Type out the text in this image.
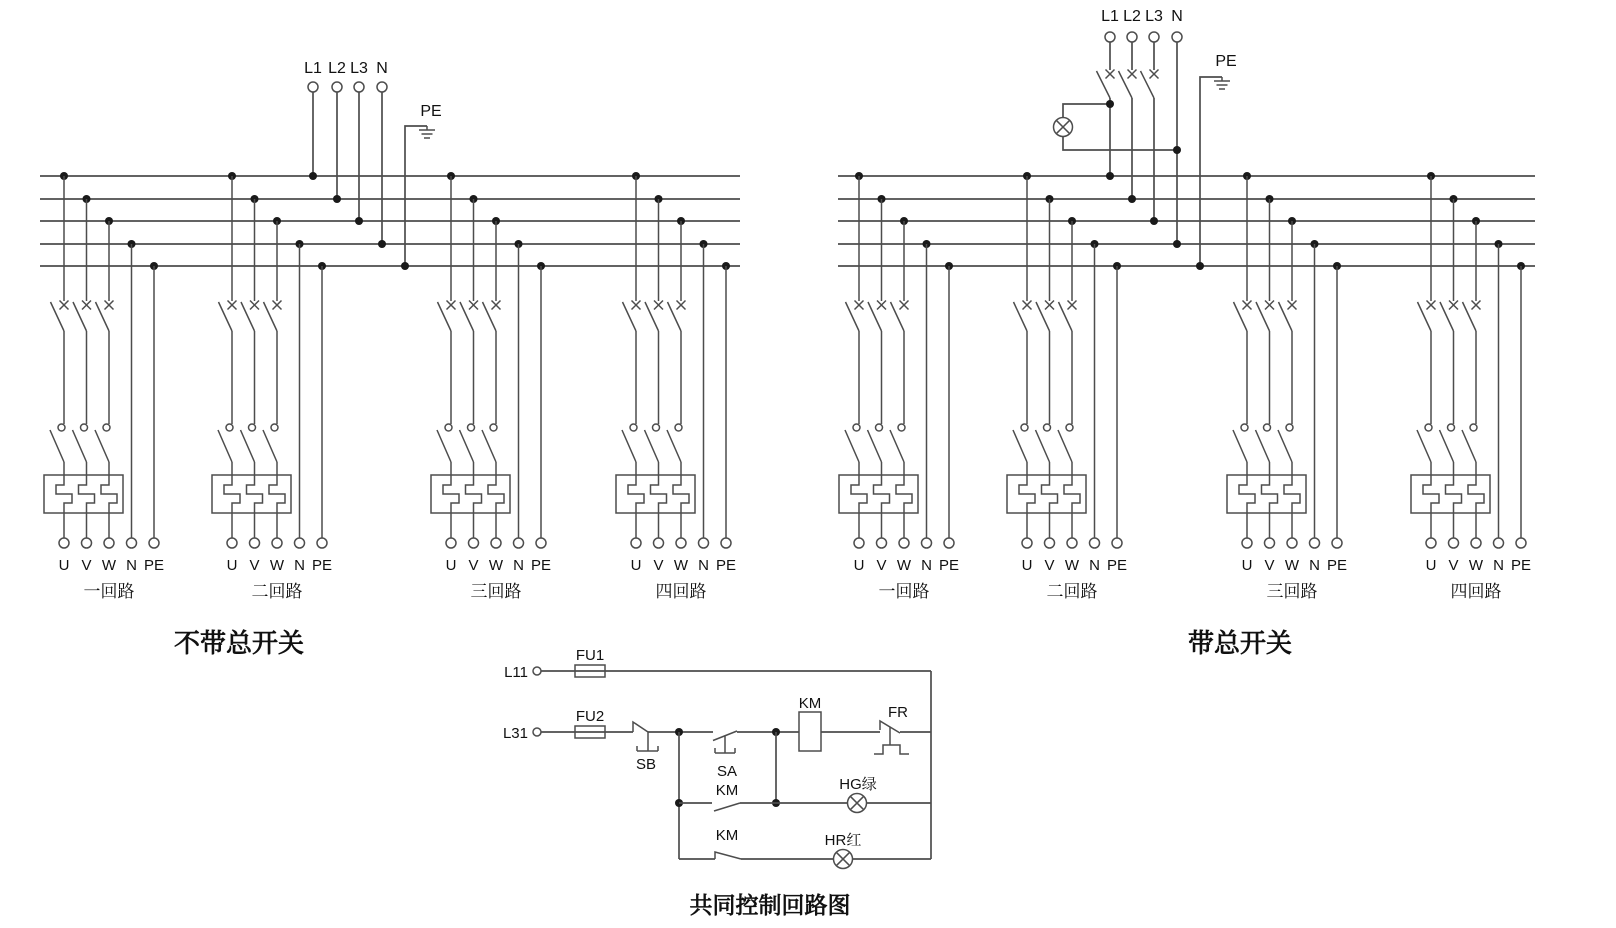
PE
L1 L2 L3 N
U V W N PE
一回路
U V W N PE
二回路
U V W N PE
三回路
U V W N PE
四回路
不带总开关
PE
L1 L2 L3 N
U V W N PE
一回路
U V W N PE
二回路
U V W N PE
三回路
U V W N PE
四回路
带总开关
L11
L31
FU1
FU2
SB	SA
KM
KM
FR
HG绿
KM	HR红
共同控制回路图
